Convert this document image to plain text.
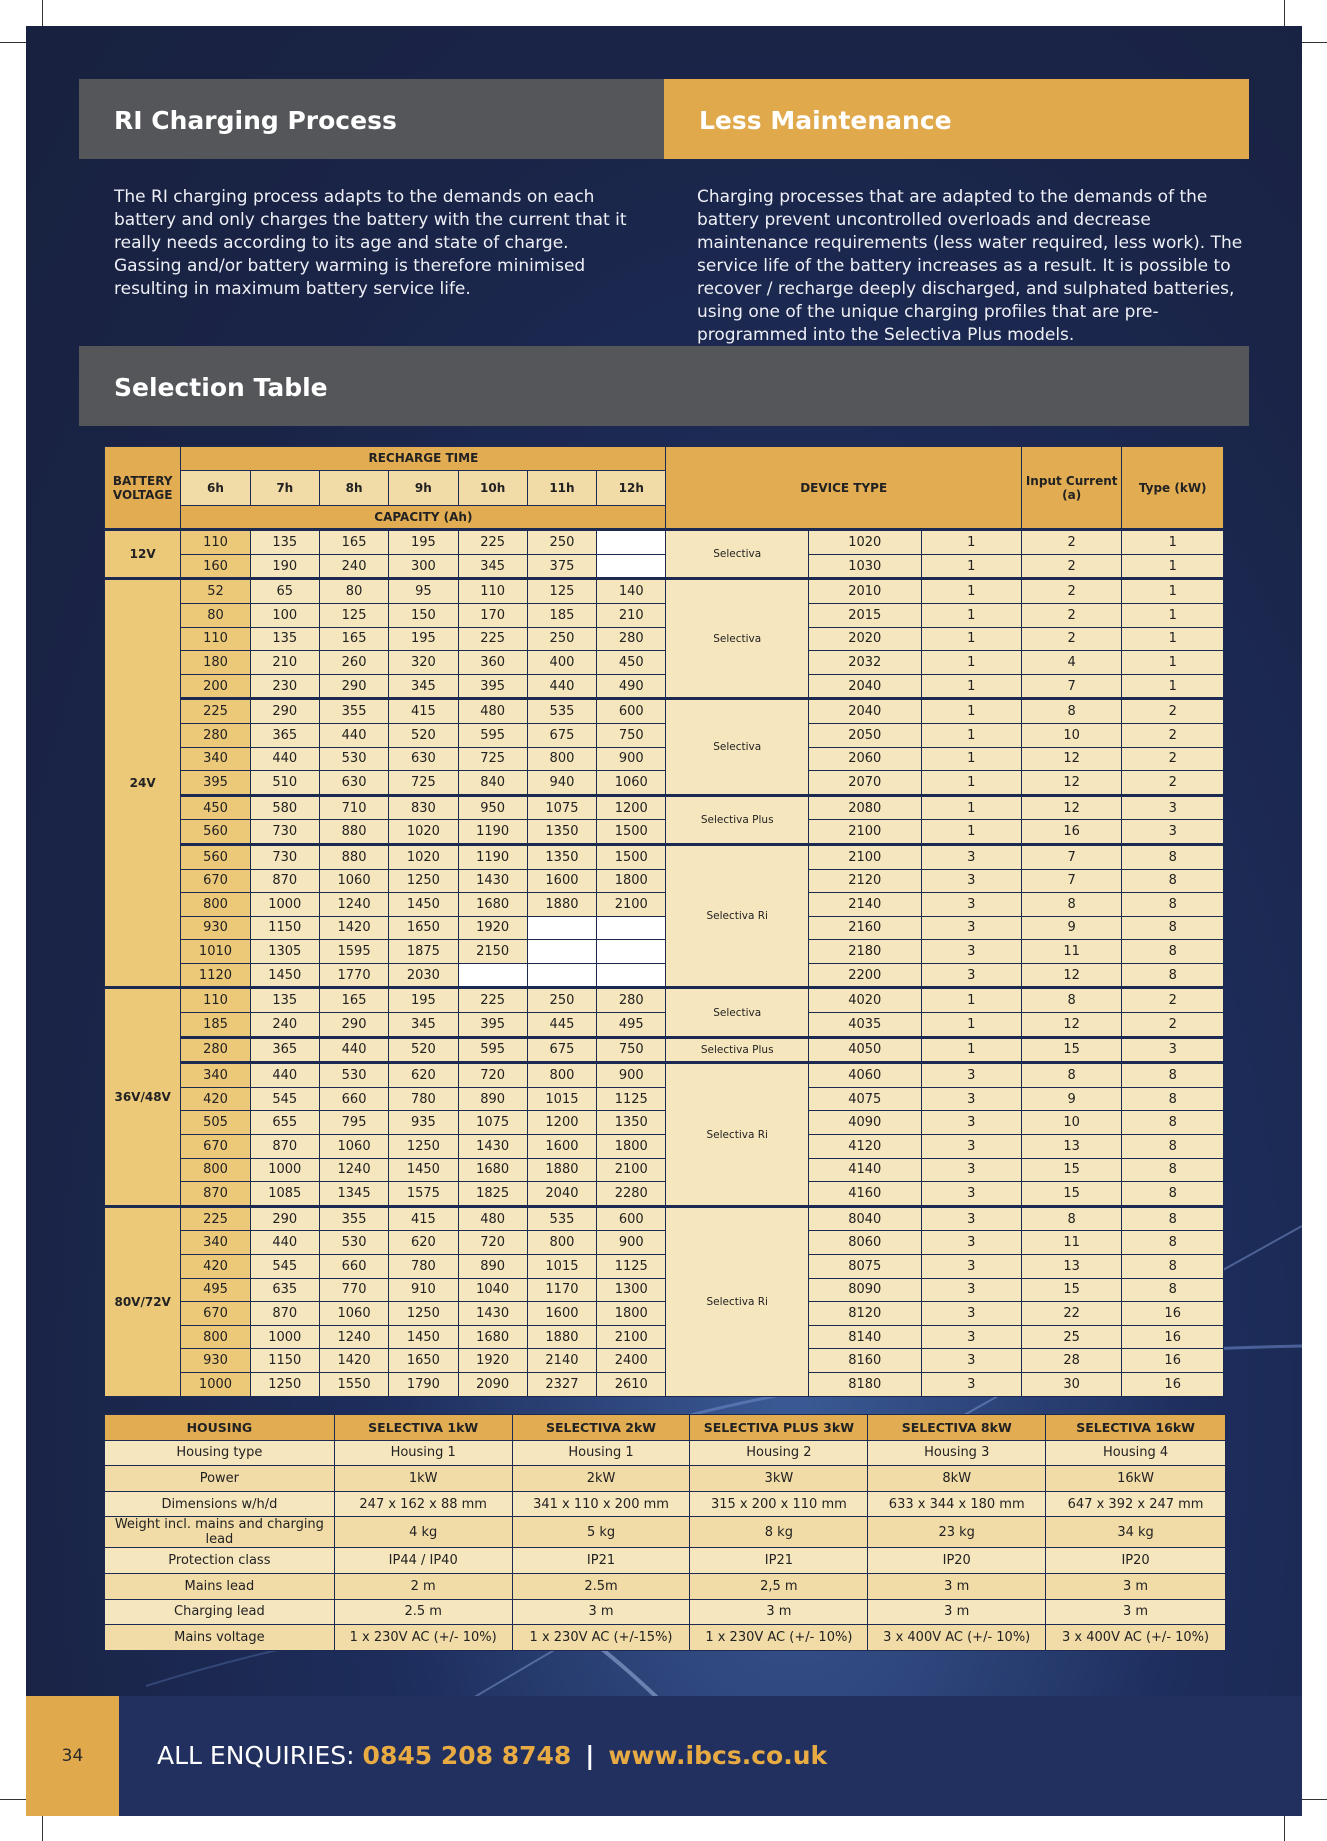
RI Charging Process	Less Maintenance
The RI charging process adapts to the demands on each battery and only charges the battery with the current that it really needs according to its age and state of charge. Gassing and/or battery warming is therefore minimised resulting in maximum battery service life.
Charging processes that are adapted to the demands of the battery prevent uncontrolled overloads and decrease maintenance requirements (less water required, less work). The service life of the battery increases as a result. It is possible to recover / recharge deeply discharged, and sulphated batteries, using one of the unique charging profiles that are pre-programmed into the Selectiva Plus models.
Selection Table
BATTERY VOLTAGE	RECHARGE TIME							DEVICE TYPE			Input Current (a)	Type (kW)
	6h	7h	8h	9h	10h	11h	12h					
	CAPACITY (Ah)											
12V	110	135	165	195	225	250		Selectiva	1020	1	2	1
	160	190	240	300	345	375			1030	1	2	1
24V	52	65	80	95	110	125	140	Selectiva	2010	1	2	1
	80	100	125	150	170	185	210		2015	1	2	1
	110	135	165	195	225	250	280		2020	1	2	1
	180	210	260	320	360	400	450		2032	1	4	1
	200	230	290	345	395	440	490		2040	1	7	1
	225	290	355	415	480	535	600	Selectiva	2040	1	8	2
	280	365	440	520	595	675	750		2050	1	10	2
	340	440	530	630	725	800	900		2060	1	12	2
	395	510	630	725	840	940	1060		2070	1	12	2
	450	580	710	830	950	1075	1200	Selectiva Plus	2080	1	12	3
	560	730	880	1020	1190	1350	1500		2100	1	16	3
	560	730	880	1020	1190	1350	1500	Selectiva Ri	2100	3	7	8
	670	870	1060	1250	1430	1600	1800		2120	3	7	8
	800	1000	1240	1450	1680	1880	2100		2140	3	8	8
	930	1150	1420	1650	1920				2160	3	9	8
	1010	1305	1595	1875	2150				2180	3	11	8
	1120	1450	1770	2030					2200	3	12	8
36V/48V	110	135	165	195	225	250	280	Selectiva	4020	1	8	2
	185	240	290	345	395	445	495		4035	1	12	2
	280	365	440	520	595	675	750	Selectiva Plus	4050	1	15	3
	340	440	530	620	720	800	900	Selectiva Ri	4060	3	8	8
	420	545	660	780	890	1015	1125		4075	3	9	8
	505	655	795	935	1075	1200	1350		4090	3	10	8
	670	870	1060	1250	1430	1600	1800		4120	3	13	8
	800	1000	1240	1450	1680	1880	2100		4140	3	15	8
	870	1085	1345	1575	1825	2040	2280		4160	3	15	8
80V/72V	225	290	355	415	480	535	600	Selectiva Ri	8040	3	8	8
	340	440	530	620	720	800	900		8060	3	11	8
	420	545	660	780	890	1015	1125		8075	3	13	8
	495	635	770	910	1040	1170	1300		8090	3	15	8
	670	870	1060	1250	1430	1600	1800		8120	3	22	16
	800	1000	1240	1450	1680	1880	2100		8140	3	25	16
	930	1150	1420	1650	1920	2140	2400		8160	3	28	16
	1000	1250	1550	1790	2090	2327	2610		8180	3	30	16
HOUSING	SELECTIVA 1kW	SELECTIVA 2kW	SELECTIVA PLUS 3kW	SELECTIVA 8kW	SELECTIVA 16kW
Housing type	Housing 1	Housing 1	Housing 2	Housing 3	Housing 4
Power	1kW	2kW	3kW	8kW	16kW
Dimensions w/h/d	247 x 162 x 88 mm	341 x 110 x 200 mm	315 x 200 x 110 mm	633 x 344 x 180 mm	647 x 392 x 247 mm
Weight incl. mains and charging lead	4 kg	5 kg	8 kg	23 kg	34 kg
Protection class	IP44 / IP40	IP21	IP21	IP20	IP20
Mains lead	2 m	2.5m	2,5 m	3 m	3 m
Charging lead	2.5 m	3 m	3 m	3 m	3 m
Mains voltage	1 x 230V AC (+/- 10%)	1 x 230V AC (+/-15%)	1 x 230V AC (+/- 10%)	3 x 400V AC (+/- 10%)	3 x 400V AC (+/- 10%)
34	ALL ENQUIRIES: 0845 208 8748 | www.ibcs.co.uk
